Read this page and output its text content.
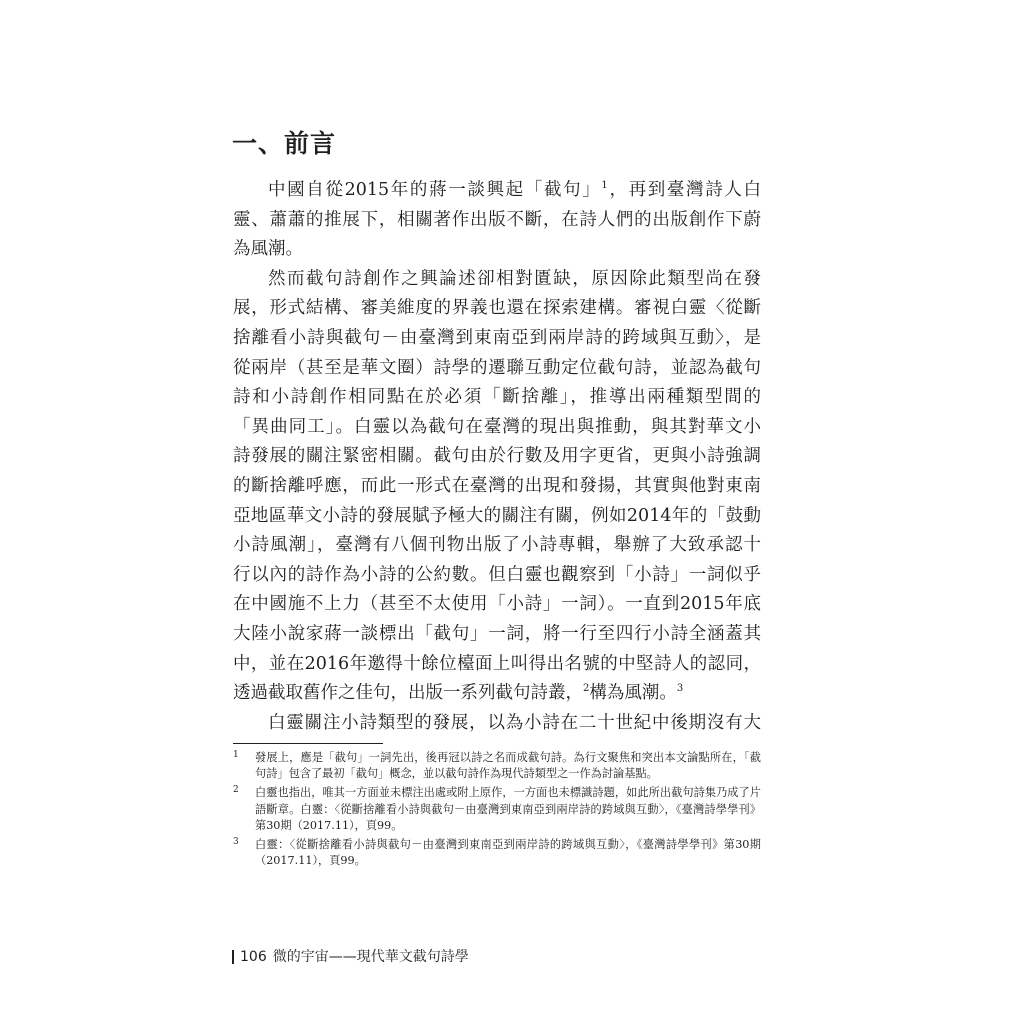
一、前言

中國自從2015年的蔣一談興起「截句」$^1$，再到臺灣詩人白

靈、蕭蕭的推展下，相關著作出版不斷，在詩人們的出版創作下蔚

為風潮。

然而截句詩創作之興論述卻相對匱缺，原因除此類型尚在發

展，形式結構、審美維度的界義也還在探索建構。審視白靈〈從斷

捨離看小詩與截句－由臺灣到東南亞到兩岸詩的跨域與互動〉，是

從兩岸（甚至是華文圈）詩學的遷聯互動定位截句詩，並認為截句

詩和小詩創作相同點在於必須「斷捨離」，推導出兩種類型間的

「異曲同工」。白靈以為截句在臺灣的現出與推動，與其對華文小

詩發展的關注緊密相關。截句由於行數及用字更省，更與小詩強調

的斷捨離呼應，而此一形式在臺灣的出現和發揚，其實與他對東南

亞地區華文小詩的發展賦予極大的關注有關，例如2014年的「鼓動

小詩風潮」，臺灣有八個刊物出版了小詩專輯，舉辦了大致承認十

行以內的詩作為小詩的公約數。但白靈也觀察到「小詩」一詞似乎

在中國施不上力（甚至不太使用「小詩」一詞）。一直到2015年底

大陸小說家蔣一談標出「截句」一詞，將一行至四行小詩全涵蓋其

中，並在2016年邀得十餘位檯面上叫得出名號的中堅詩人的認同，

透過截取舊作之佳句，出版一系列截句詩叢，$^2$構為風潮。$^3$

白靈關注小詩類型的發展，以為小詩在二十世紀中後期沒有大

1 發展上，應是「截句」一詞先出，後再冠以詩之名而成截句詩。為行文聚焦和突出本文論點所在，「截句詩」包含了最初「截句」概念，並以截句詩作為現代詩類型之一作為討論基點。

2 白靈也指出，唯其一方面並未標注出處或附上原作，一方面也未標識詩題，如此所出截句詩集乃成了片語斷章。白靈：〈從斷捨離看小詩與截句－由臺灣到東南亞到兩岸詩的跨域與互動〉，《臺灣詩學學刊》第30期（2017.11），頁99。

3 白靈：〈從斷捨離看小詩與截句－由臺灣到東南亞到兩岸詩的跨域與互動〉，《臺灣詩學學刊》第30期（2017.11），頁99。

106 微的宇宙——現代華文截句詩學
